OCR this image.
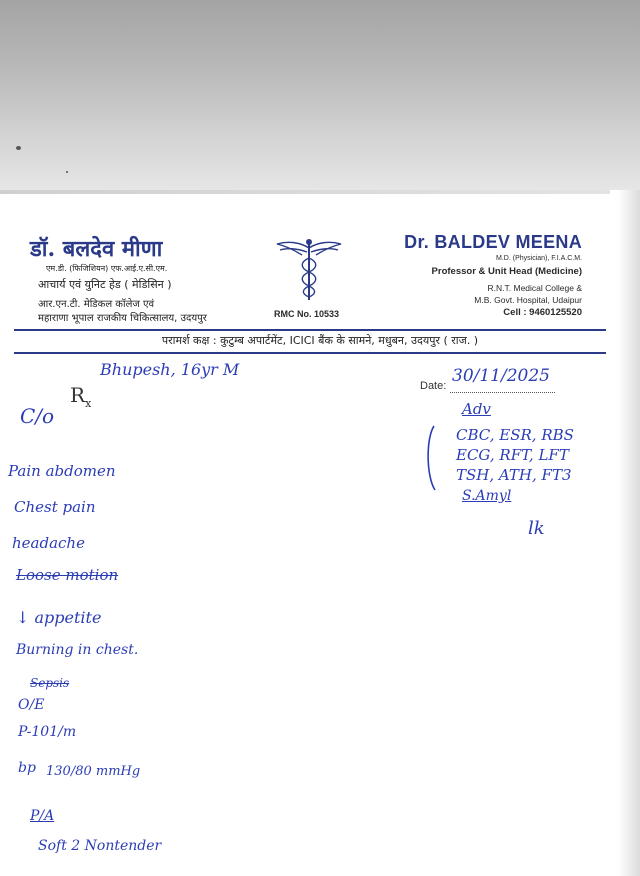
डॉ. बलदेव मीणा
एम.डी. (फिजिशियन) एफ.आई.ए.सी.एम.
आचार्य एवं युनिट हेड ( मेडिसिन )
आर.एन.टी. मेडिकल कॉलेज एवं
महाराणा भूपाल राजकीय चिकित्सालय, उदयपुर	RMC No. 10533
Dr. BALDEV MEENA
M.D. (Physician), F.I.A.C.M.
Professor & Unit Head (Medicine)
R.N.T. Medical College &
M.B. Govt. Hospital, Udaipur
Cell : 9460125520
परामर्श कक्ष : कुटुम्ब अपार्टमेंट, ICICI बैंक के सामने, मधुबन, उदयपुर ( राज. )
$R_x$
Date: 30/11/2025
Bhupesh, 16yr M
C/o
Pain abdomen
Chest pain
headache
Loose motion
↓ appetite
Burning in chest.
Sepsis
O/E
P-101/m
bp 130/80 mmHg
P/A
Soft 2 Nontender
Adv
CBC, ESR, RBS
ECG, RFT, LFT
TSH, ATH, FT3
S.Amyl
lk
